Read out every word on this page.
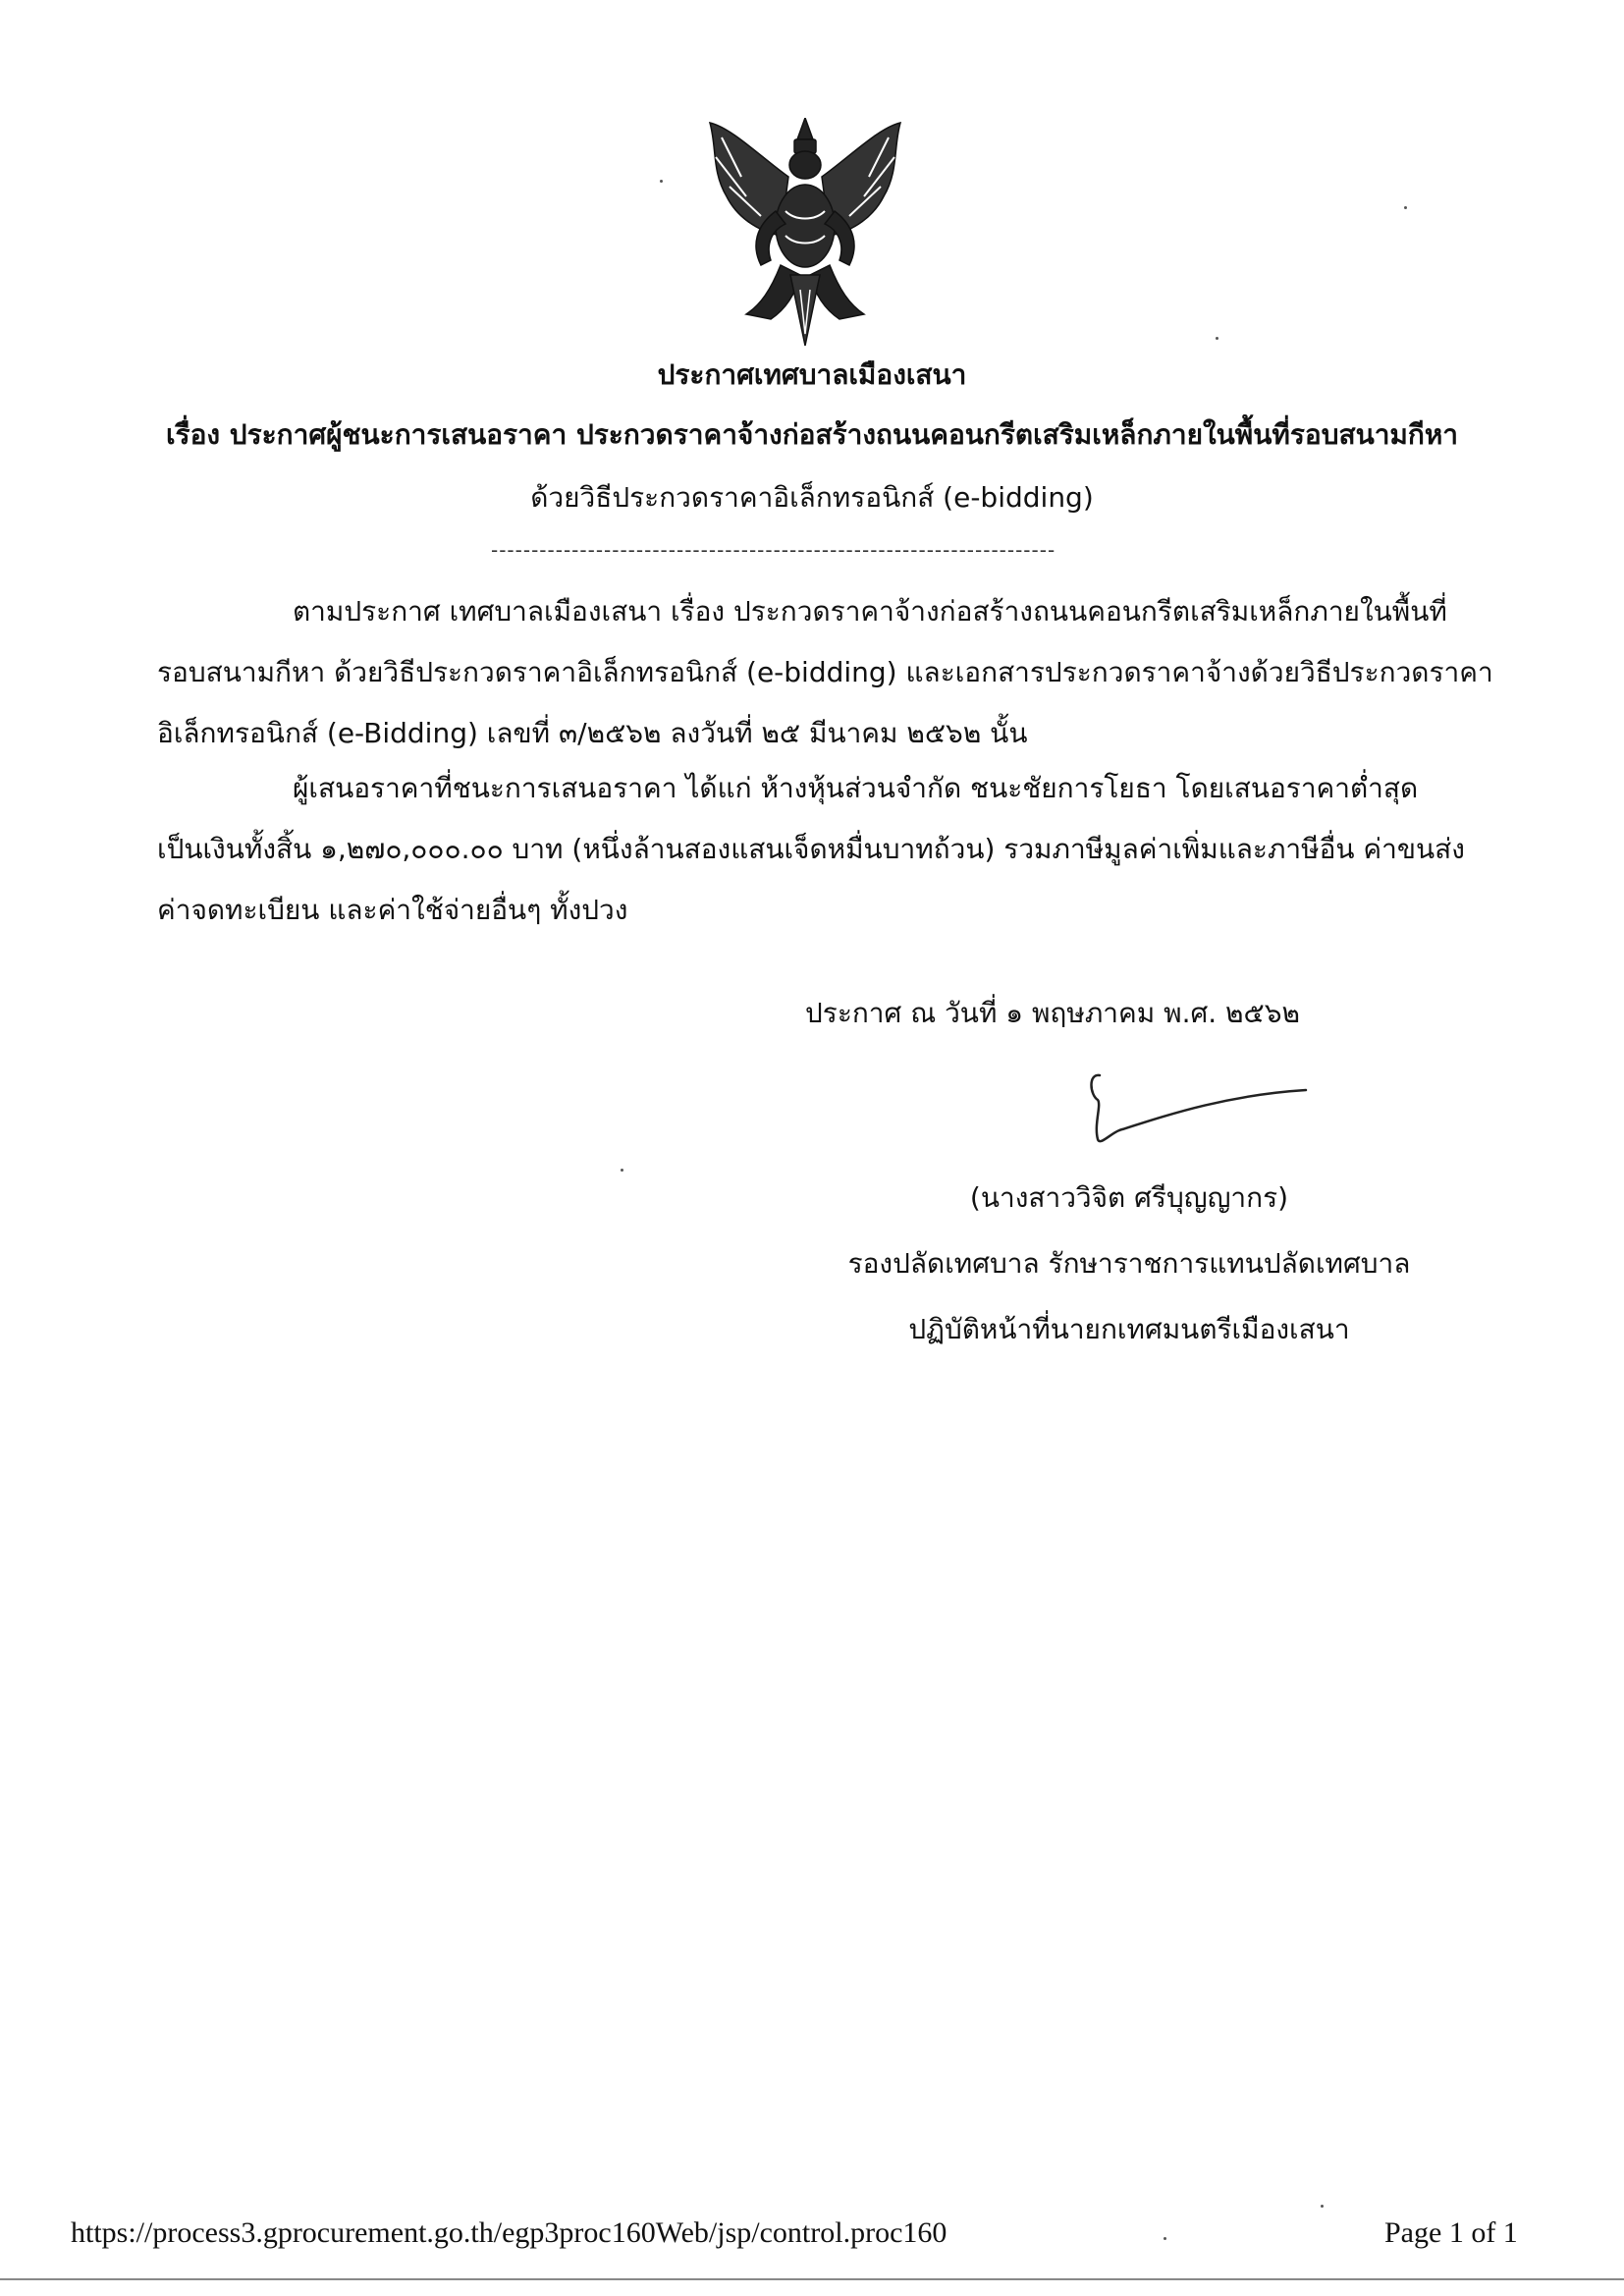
ประกาศเทศบาลเมืองเสนา
เรื่อง ประกาศผู้ชนะการเสนอราคา ประกวดราคาจ้างก่อสร้างถนนคอนกรีตเสริมเหล็กภายในพื้นที่รอบสนามกีหา
ด้วยวิธีประกวดราคาอิเล็กทรอนิกส์ (e-bidding)
----------------------------------------------------------------------
ตามประกาศ เทศบาลเมืองเสนา เรื่อง ประกวดราคาจ้างก่อสร้างถนนคอนกรีตเสริมเหล็กภายในพื้นที่
รอบสนามกีหา ด้วยวิธีประกวดราคาอิเล็กทรอนิกส์ (e-bidding) และเอกสารประกวดราคาจ้างด้วยวิธีประกวดราคา
อิเล็กทรอนิกส์ (e-Bidding) เลขที่ ๓/๒๕๖๒ ลงวันที่ ๒๕ มีนาคม ๒๕๖๒ นั้น
ผู้เสนอราคาที่ชนะการเสนอราคา ได้แก่ ห้างหุ้นส่วนจำกัด ชนะชัยการโยธา โดยเสนอราคาต่ำสุด
เป็นเงินทั้งสิ้น ๑,๒๗๐,๐๐๐.๐๐ บาท (หนึ่งล้านสองแสนเจ็ดหมื่นบาทถ้วน) รวมภาษีมูลค่าเพิ่มและภาษีอื่น ค่าขนส่ง
ค่าจดทะเบียน และค่าใช้จ่ายอื่นๆ ทั้งปวง
ประกาศ ณ วันที่ ๑ พฤษภาคม พ.ศ. ๒๕๖๒
(นางสาววิจิต ศรีบุญญากร)
รองปลัดเทศบาล รักษาราชการแทนปลัดเทศบาล
ปฏิบัติหน้าที่นายกเทศมนตรีเมืองเสนา
https://process3.gprocurement.go.th/egp3proc160Web/jsp/control.proc160	Page 1 of 1
